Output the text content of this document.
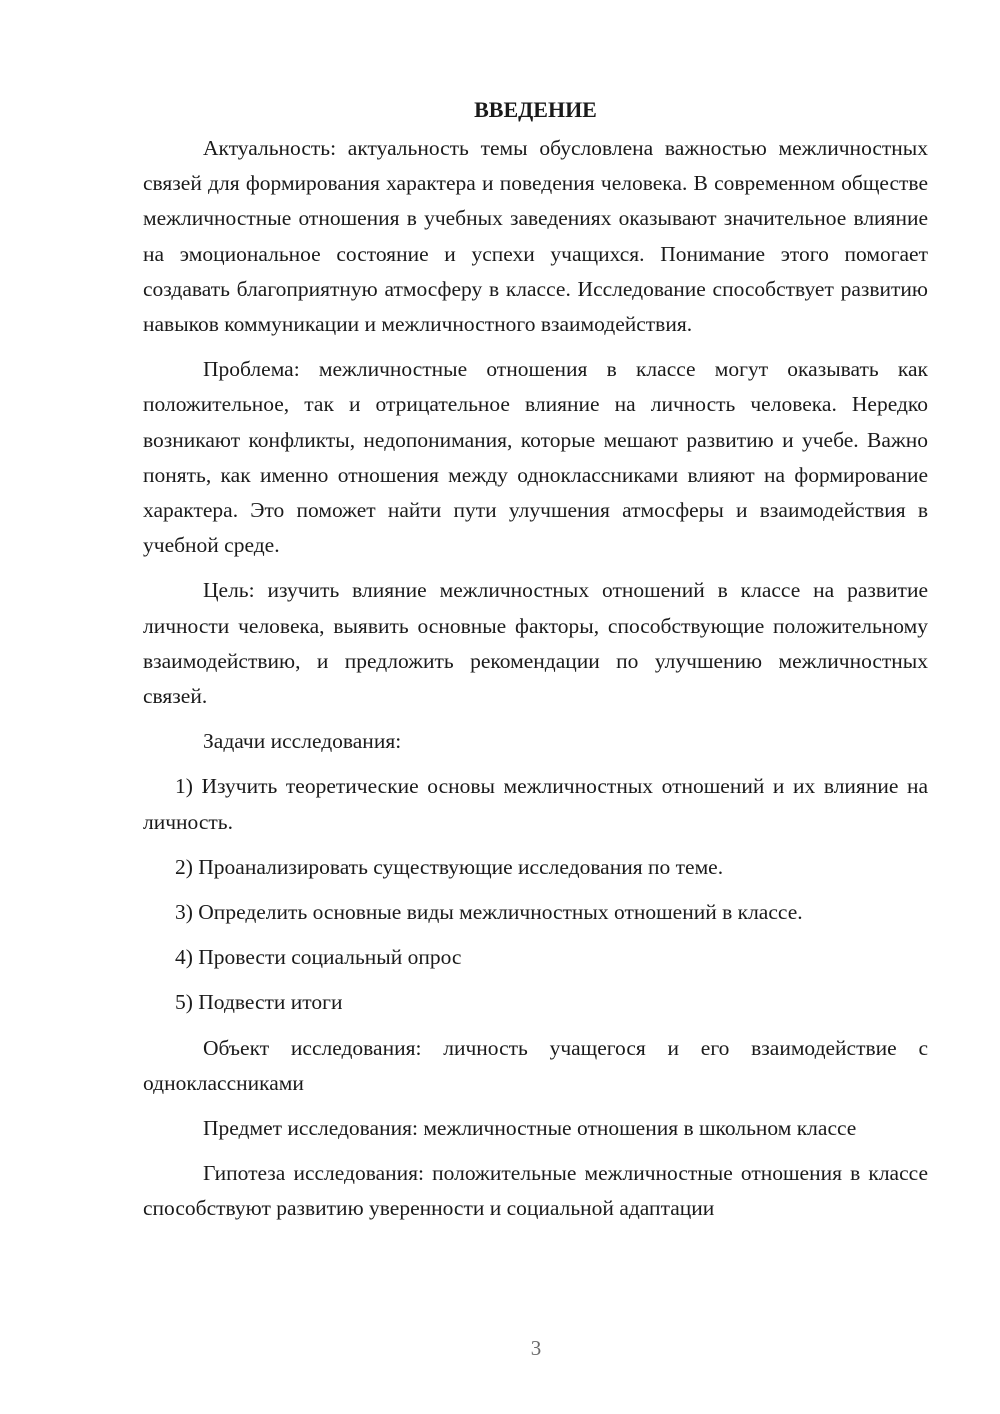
ВВЕДЕНИЕ

Актуальность: актуальность темы обусловлена важностью межличностных связей для формирования характера и поведения человека. В современном обществе межличностные отношения в учебных заведениях оказывают значительное влияние на эмоциональное состояние и успехи учащихся. Понимание этого помогает создавать благоприятную атмосферу в классе. Исследование способствует развитию навыков коммуникации и межличностного взаимодействия.

Проблема: межличностные отношения в классе могут оказывать как положительное, так и отрицательное влияние на личность человека. Нередко возникают конфликты, недопонимания, которые мешают развитию и учебе. Важно понять, как именно отношения между одноклассниками влияют на формирование характера. Это поможет найти пути улучшения атмосферы и взаимодействия в учебной среде.

Цель: изучить влияние межличностных отношений в классе на развитие личности человека, выявить основные факторы, способствующие положительному взаимодействию, и предложить рекомендации по улучшению межличностных связей.

Задачи исследования:

1) Изучить теоретические основы межличностных отношений и их влияние на личность.

2) Проанализировать существующие исследования по теме.

3) Определить основные виды межличностных отношений в классе.

4) Провести социальный опрос

5) Подвести итоги

Объект исследования: личность учащегося и его взаимодействие с одноклассниками

Предмет исследования: межличностные отношения в школьном классе

Гипотеза исследования: положительные межличностные отношения в классе способствуют развитию уверенности и социальной адаптации

3
